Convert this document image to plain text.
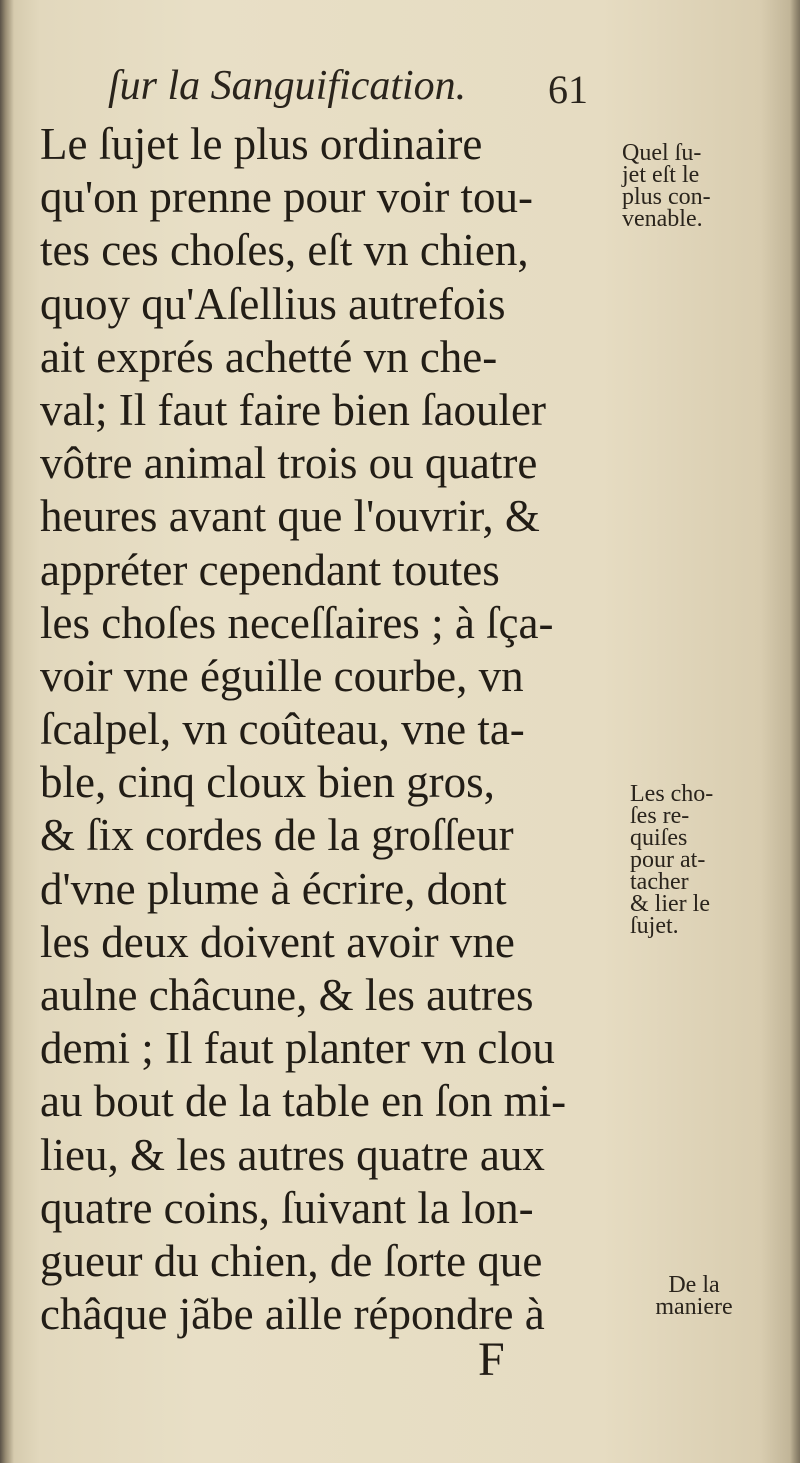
ſur la Sanguification.	61
Le ſujet le plus ordinaire
qu'on prenne pour voir tou-
tes ces choſes, eſt vn chien,
quoy qu'Aſellius autrefois
ait exprés achetté vn che-
val; Il faut faire bien ſaouler
vôtre animal trois ou quatre
heures avant que l'ouvrir, &
appréter cependant toutes
les choſes neceſſaires ; à ſça-
voir vne éguille courbe, vn
ſcalpel, vn coûteau, vne ta-
ble, cinq cloux bien gros,
& ſix cordes de la groſſeur
d'vne plume à écrire, dont
les deux doivent avoir vne
aulne châcune, & les autres
demi ; Il faut planter vn clou
au bout de la table en ſon mi-
lieu, & les autres quatre aux
quatre coins, ſuivant la lon-
gueur du chien, de ſorte que
châque jãbe aille répondre à
Quel ſu-
jet eſt le
plus con-
venable.
Les cho-
ſes re-
quiſes
pour at-
tacher
& lier le
ſujet.
De la
maniere
F
